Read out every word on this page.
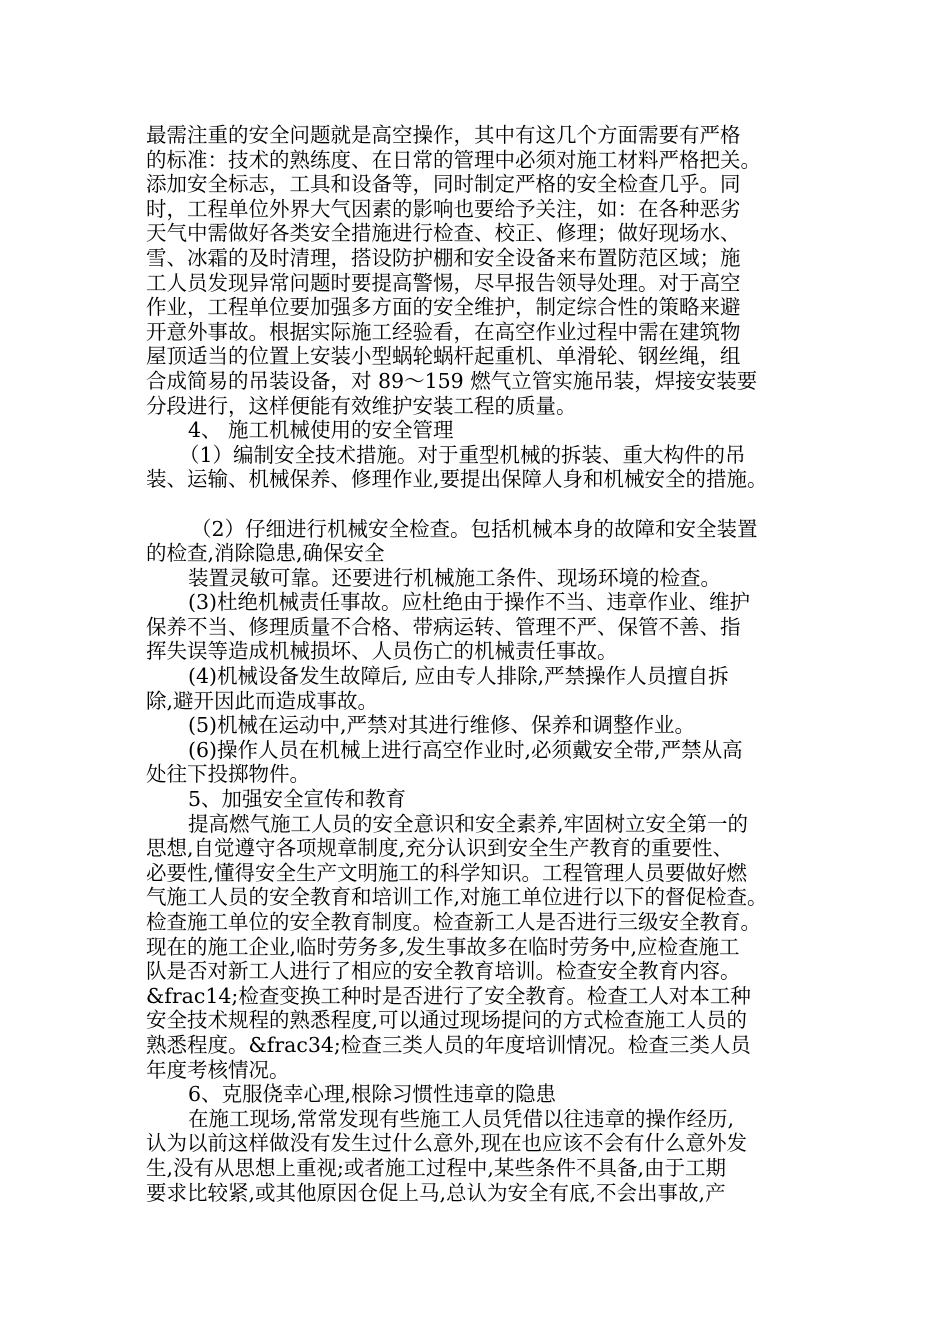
最需注重的安全问题就是高空操作，其中有这几个方面需要有严格
的标准：技术的熟练度、在日常的管理中必须对施工材料严格把关。
添加安全标志，工具和设备等，同时制定严格的安全检查几乎。同
时，工程单位外界大气因素的影响也要给予关注，如：在各种恶劣
天气中需做好各类安全措施进行检查、校正、修理；做好现场水、
雪、冰霜的及时清理，搭设防护棚和安全设备来布置防范区域；施
工人员发现异常问题时要提高警惕，尽早报告领导处理。对于高空
作业，工程单位要加强多方面的安全维护，制定综合性的策略来避
开意外事故。根据实际施工经验看，在高空作业过程中需在建筑物
屋顶适当的位置上安装小型蜗轮蜗杆起重机、单滑轮、钢丝绳，组
合成简易的吊装设备，对 89～159 燃气立管实施吊装，焊接安装要
分段进行，这样便能有效维护安装工程的质量。
4、 施工机械使用的安全管理
（1）编制安全技术措施。对于重型机械的拆装、重大构件的吊
装、运输、机械保养、修理作业,要提出保障人身和机械安全的措施。
（2）仔细进行机械安全检查。包括机械本身的故障和安全装置
的检查,消除隐患,确保安全
装置灵敏可靠。还要进行机械施工条件、现场环境的检查。
(3)杜绝机械责任事故。应杜绝由于操作不当、违章作业、维护
保养不当、修理质量不合格、带病运转、管理不严、保管不善、指
挥失误等造成机械损坏、人员伤亡的机械责任事故。
(4)机械设备发生故障后, 应由专人排除,严禁操作人员擅自拆
除,避开因此而造成事故。
(5)机械在运动中,严禁对其进行维修、保养和调整作业。
(6)操作人员在机械上进行高空作业时,必须戴安全带,严禁从高
处往下投掷物件。
5、加强安全宣传和教育
提高燃气施工人员的安全意识和安全素养,牢固树立安全第一的
思想,自觉遵守各项规章制度,充分认识到安全生产教育的重要性、
必要性,懂得安全生产文明施工的科学知识。工程管理人员要做好燃
气施工人员的安全教育和培训工作,对施工单位进行以下的督促检查。
检查施工单位的安全教育制度。检查新工人是否进行三级安全教育。
现在的施工企业,临时劳务多,发生事故多在临时劳务中,应检查施工
队是否对新工人进行了相应的安全教育培训。检查安全教育内容。
&frac14;检查变换工种时是否进行了安全教育。检查工人对本工种
安全技术规程的熟悉程度,可以通过现场提问的方式检查施工人员的
熟悉程度。&frac34;检查三类人员的年度培训情况。检查三类人员
年度考核情况。
6、克服侥幸心理,根除习惯性违章的隐患
在施工现场,常常发现有些施工人员凭借以往违章的操作经历,
认为以前这样做没有发生过什么意外,现在也应该不会有什么意外发
生,没有从思想上重视;或者施工过程中,某些条件不具备,由于工期
要求比较紧,或其他原因仓促上马,总认为安全有底,不会出事故,产
